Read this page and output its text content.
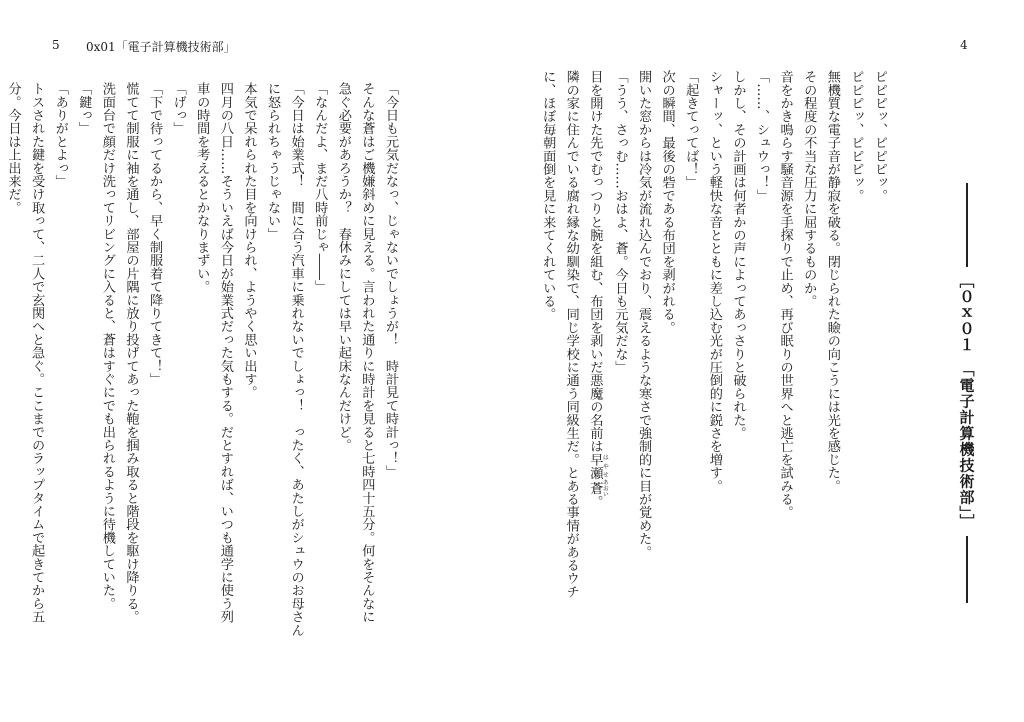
5 0x01「電子計算機技術部」

「今日も元気だなっ、じゃないでしょうが！　時計見て時計っ！」

そんな蒼はご機嫌斜めに見える。言われた通りに時計を見ると七時四十五分。何をそんなに

急ぐ必要があろうか？　春休みにしては早い起床なんだけど。

「なんだよ、まだ八時前じゃ――」

「今日は始業式！　間に合う汽車に乗れないでしょっ！　ったく、あたしがシュウのお母さん

に怒られちゃうじゃない」

本気で呆れられた目を向けられ、ようやく思い出す。

四月の八日……そういえば今日が始業式だった気もする。だとすれば、いつも通学に使う列

車の時間を考えるとかなりまずい。

「げっ」

「下で待ってるから、早く制服着て降りてきて！」

慌てて制服に袖を通し、部屋の片隅に放り投げてあった鞄を掴み取ると階段を駆け降りる。

洗面台で顔だけ洗ってリビングに入ると、蒼はすぐにでも出られるように待機していた。

「鍵っ」

「ありがとよっ」

トスされた鍵を受け取って、二人で玄関へと急ぐ。ここまでのラップタイムで起きてから五

分。今日は上出来だ。

4

ピピピッ、ピピピッ。

ピピピッ、ピピピッ。

無機質な電子音が静寂を破る。閉じられた瞼の向こうには光を感じた。

その程度の不当な圧力に屈するものか。

音をかき鳴らす騒音源を手探りで止め、再び眠りの世界へと逃亡を試みる。

「……、シュウっ！」

しかし、その計画は何者かの声によってあっさりと破られた。

シャーッ、という軽快な音とともに差し込む光が圧倒的に鋭さを増す。

「起きてってば！」

次の瞬間、最後の砦である布団を剥がれる。

開いた窓からは冷気が流れ込んでおり、震えるような寒さで強制的に目が覚めた。

「うう、さっむ……おはよ、蒼。今日も元気だな」

目を開けた先でむっつりと腕を組む、布団を剥いだ悪魔の名前は早瀬 はやせ蒼 あおい。

隣の家に住んでいる腐れ縁な幼馴染で、同じ学校に通う同級生だ。とある事情があるウチ

に、ほぼ毎朝面倒を見に来てくれている。

［０ｘ０１　「電子計算機技術部」］
